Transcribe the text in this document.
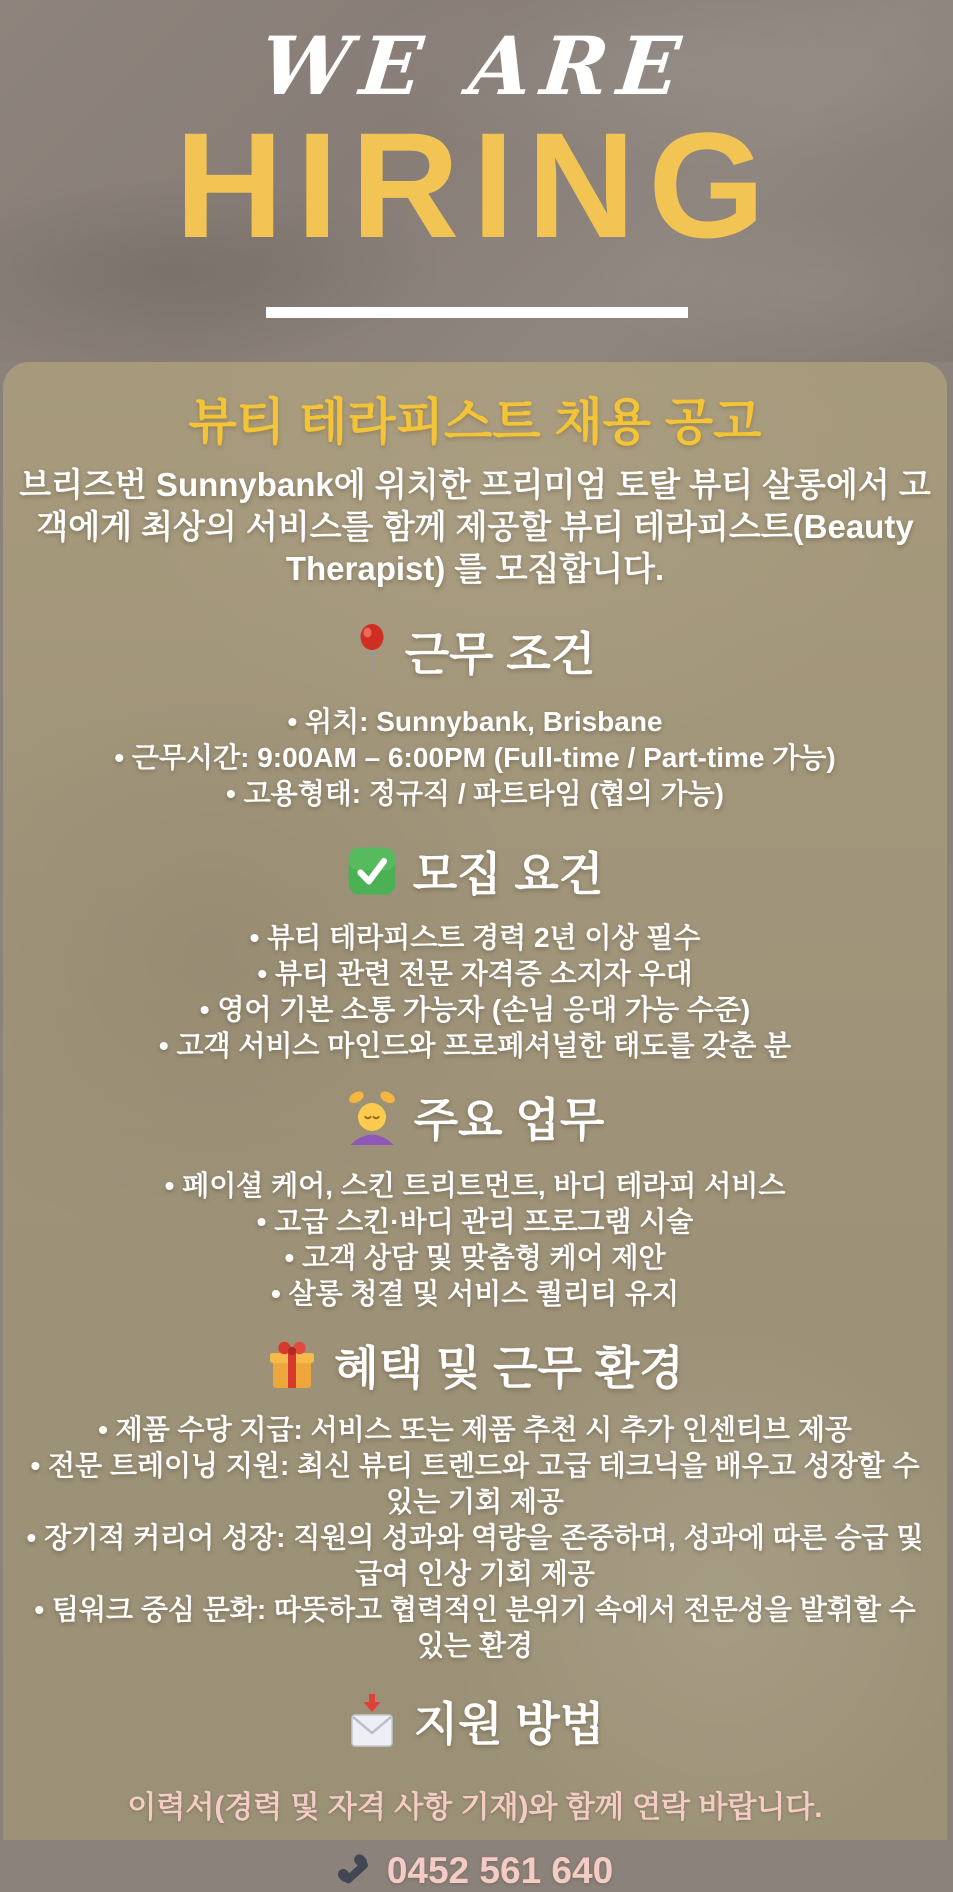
WE ARE
HIRING
뷰티 테라피스트 채용 공고

브리즈번 Sunnybank에 위치한 프리미엄 토탈 뷰티 살롱에서 고객에게 최상의 서비스를 함께 제공할 뷰티 테라피스트(Beauty Therapist) 를 모집합니다.

근무 조건
• 위치: Sunnybank, Brisbane
• 근무시간: 9:00AM – 6:00PM (Full-time / Part-time 가능)
• 고용형태: 정규직 / 파트타임 (협의 가능)
모집 요건
• 뷰티 테라피스트 경력 2년 이상 필수
• 뷰티 관련 전문 자격증 소지자 우대
• 영어 기본 소통 가능자 (손님 응대 가능 수준)
• 고객 서비스 마인드와 프로페셔널한 태도를 갖춘 분
주요 업무
• 페이셜 케어, 스킨 트리트먼트, 바디 테라피 서비스
• 고급 스킨·바디 관리 프로그램 시술
• 고객 상담 및 맞춤형 케어 제안
• 살롱 청결 및 서비스 퀄리티 유지
혜택 및 근무 환경
• 제품 수당 지급: 서비스 또는 제품 추천 시 추가 인센티브 제공
• 전문 트레이닝 지원: 최신 뷰티 트렌드와 고급 테크닉을 배우고 성장할 수 있는 기회 제공
• 장기적 커리어 성장: 직원의 성과와 역량을 존중하며, 성과에 따른 승급 및 급여 인상 기회 제공
• 팀워크 중심 문화: 따뜻하고 협력적인 분위기 속에서 전문성을 발휘할 수 있는 환경
지원 방법

이력서(경력 및 자격 사항 기재)와 함께 연락 바랍니다.

0452 561 640
